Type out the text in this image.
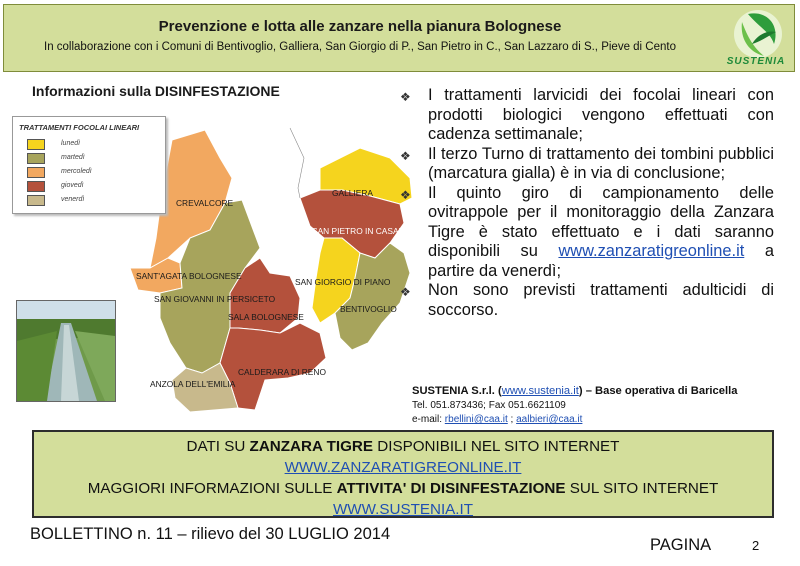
Prevenzione e lotta alle zanzare nella pianura Bolognese
In collaborazione con i Comuni di Bentivoglio, Galliera, San Giorgio di P., San Pietro in C., San Lazzaro di S., Pieve di Cento
SUSTENIA
Informazioni sulla DISINFESTAZIONE
GALLIERA
SAN PIETRO IN CASALE
CREVALCORE
SANT'AGATA BOLOGNESE
SAN GIOVANNI IN PERSICETO
SAN GIORGIO DI PIANO
BENTIVOGLIO
SALA BOLOGNESE
CALDERARA DI RENO
ANZOLA DELL'EMILIA
TRATTAMENTI FOCOLAI LINEARI
lunedì
martedì
mercoledì
giovedì
venerdì
❖ I trattamenti larvicidi dei focolai lineari con prodotti biologici vengono effettuati con cadenza settimanale;
❖ Il terzo Turno di trattamento dei tombini pubblici (marcatura gialla) è in via di conclusione;
❖ Il quinto giro di campionamento delle ovitrappole per il monitoraggio della Zanzara Tigre è stato effettuato e i dati saranno disponibili su www.zanzaratigreonline.it a partire da venerdì;
❖ Non sono previsti trattamenti adulticidi di soccorso.
SUSTENIA S.r.l. (www.sustenia.it) – Base operativa di Baricella
Tel. 051.873436; Fax 051.6621109
e-mail: rbellini@caa.it ; aalbieri@caa.it
DATI SU ZANZARA TIGRE DISPONIBILI NEL SITO INTERNET
WWW.ZANZARATIGREONLINE.IT
MAGGIORI INFORMAZIONI SULLE ATTIVITA' DI DISINFESTAZIONE SUL SITO INTERNET
WWW.SUSTENIA.IT
BOLLETTINO n. 11 – rilievo del 30 LUGLIO 2014
PAGINA	2
